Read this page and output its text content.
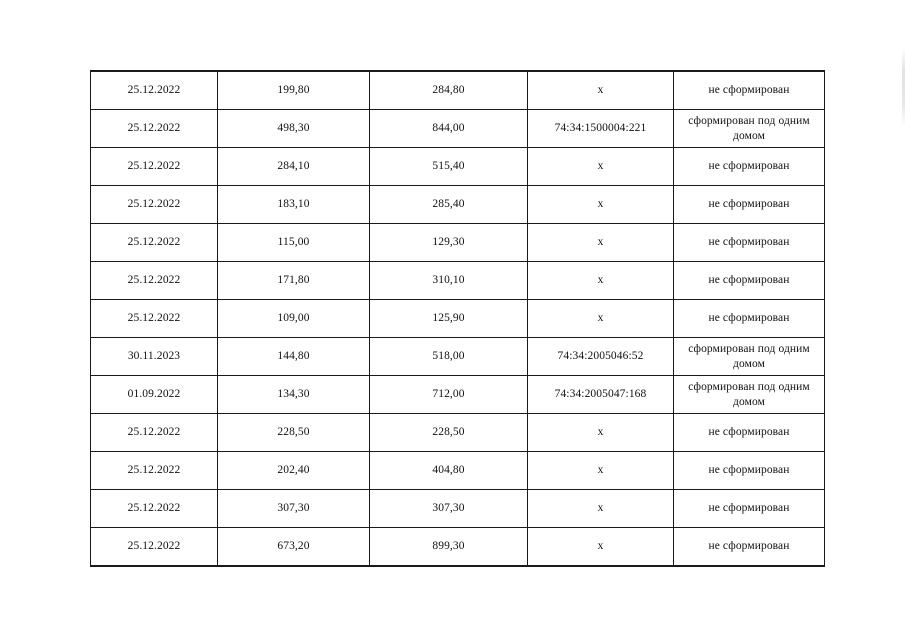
25.12.2022	199,80	284,80	x	не сформирован
25.12.2022	498,30	844,00	74:34:1500004:221	сформирован под одним домом
25.12.2022	284,10	515,40	x	не сформирован
25.12.2022	183,10	285,40	x	не сформирован
25.12.2022	115,00	129,30	x	не сформирован
25.12.2022	171,80	310,10	x	не сформирован
25.12.2022	109,00	125,90	x	не сформирован
30.11.2023	144,80	518,00	74:34:2005046:52	сформирован под одним домом
01.09.2022	134,30	712,00	74:34:2005047:168	сформирован под одним домом
25.12.2022	228,50	228,50	x	не сформирован
25.12.2022	202,40	404,80	x	не сформирован
25.12.2022	307,30	307,30	x	не сформирован
25.12.2022	673,20	899,30	x	не сформирован
